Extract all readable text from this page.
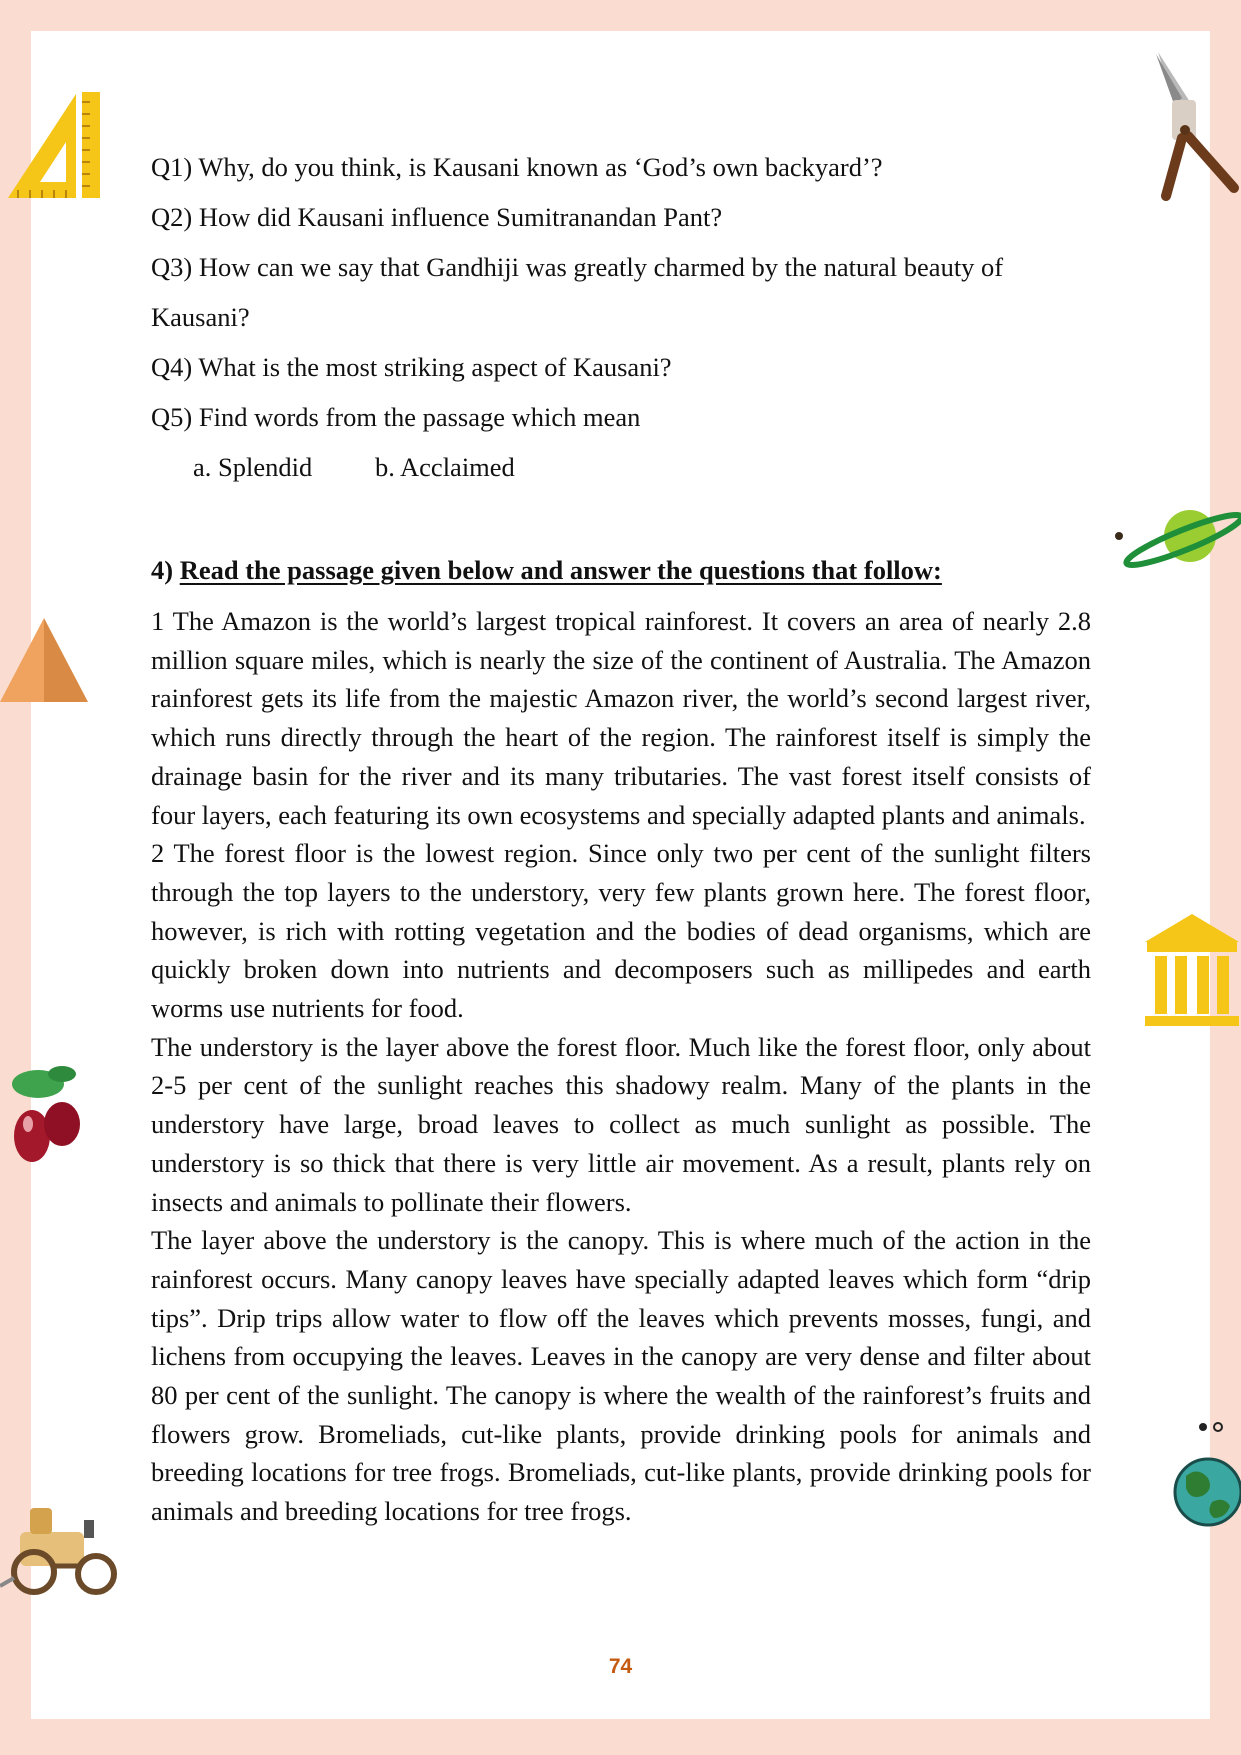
Q1) Why, do you think, is Kausani known as ‘God’s own backyard’?
Q2) How did Kausani influence Sumitranandan Pant?
Q3) How can we say that Gandhiji was greatly charmed by the natural beauty of
Kausani?
Q4) What is the most striking aspect of Kausani?
Q5) Find words from the passage which mean
a. Splendid b. Acclaimed
4) Read the passage given below and answer the questions that follow:

1 The Amazon is the world’s largest tropical rainforest. It covers an area of nearly 2.8 million square miles, which is nearly the size of the continent of Australia. The Amazon rainforest gets its life from the majestic Amazon river, the world’s second largest river, which runs directly through the heart of the region. The rainforest itself is simply the drainage basin for the river and its many tributaries. The vast forest itself consists of four layers, each featuring its own ecosystems and specially adapted plants and animals.

2 The forest floor is the lowest region. Since only two per cent of the sunlight filters through the top layers to the understory, very few plants grown here. The forest floor, however, is rich with rotting vegetation and the bodies of dead organisms, which are quickly broken down into nutrients and decomposers such as millipedes and earth worms use nutrients for food.

The understory is the layer above the forest floor. Much like the forest floor, only about 2-5 per cent of the sunlight reaches this shadowy realm. Many of the plants in the understory have large, broad leaves to collect as much sunlight as possible. The understory is so thick that there is very little air movement. As a result, plants rely on insects and animals to pollinate their flowers.

The layer above the understory is the canopy. This is where much of the action in the rainforest occurs. Many canopy leaves have specially adapted leaves which form “drip tips”. Drip trips allow water to flow off the leaves which prevents mosses, fungi, and lichens from occupying the leaves. Leaves in the canopy are very dense and filter about 80 per cent of the sunlight. The canopy is where the wealth of the rainforest’s fruits and flowers grow. Bromeliads, cut-like plants, provide drinking pools for animals and breeding locations for tree frogs. Bromeliads, cut-like plants, provide drinking pools for animals and breeding locations for tree frogs.

74
